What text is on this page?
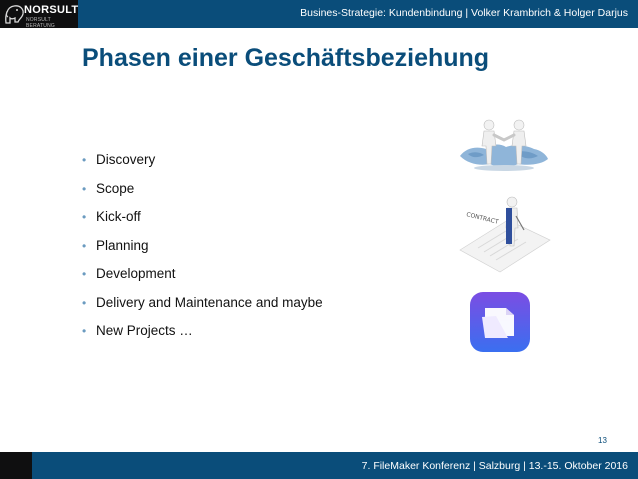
NORSULT
NORSULT BERATUNG
Busines-Strategie: Kundenbindung | Volker Krambrich & Holger Darjus
Phasen einer Geschäftsbeziehung
• Discovery
• Scope
• Kick-off
• Planning
• Development
• Delivery and Maintenance and maybe
• New Projects …
CONTRACT
13
7. FileMaker Konferenz | Salzburg | 13.-15. Oktober 2016
